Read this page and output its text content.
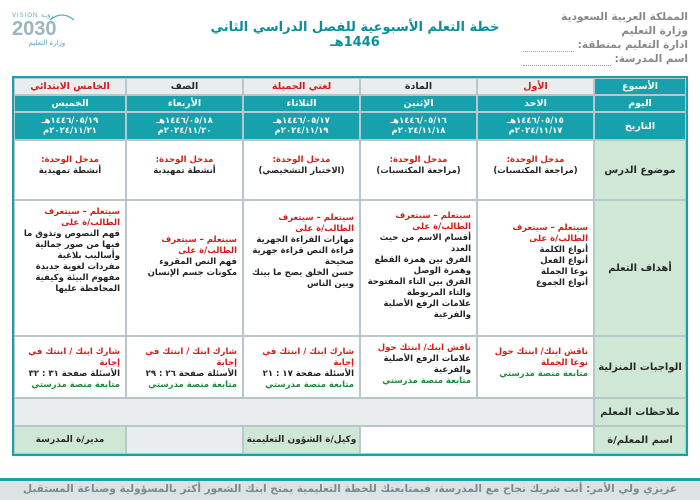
المملكة العربية السعودية
وزارة التعليم
ادارة التعليم بمنطقة:
اسم المدرسة:
خطة التعلم الأسبوعية للفصل الدراسي الثاني 1446هـ
VISION رؤيـة
2030
وزارة التعليم
الأسبوع
الأول
المادة
لغتي الجميلة
الصف
الخامس الابتدائي
اليوم
الاحد
الإثنين
الثلاثاء
الأربعاء
الخميس
التاريخ
١٤٤٦/٠٥/١٥هـ
٢٠٢٤/١١/١٧م
١٤٤٦/٠٥/١٦هـ
٢٠٢٤/١١/١٨م
١٤٤٦/٠٥/١٧هـ
٢٠٢٤/١١/١٩م
١٤٤٦/٠٥/١٨هـ
٢٠٢٤/١١/٢٠م
١٤٤٦/٠٥/١٩هـ
٢٠٢٤/١١/٢١م
موضوع الدرس
مدخل الوحدة:
(مراجعة المكتسبات)
مدخل الوحدة:
(مراجعة المكتسبات)
مدخل الوحدة:
(الاختبار التشخيصي)
مدخل الوحدة:
أنشطة تمهيدية
مدخل الوحدة:
أنشطة تمهيدية
أهداف التعلم
سيتعلم – سيتعرف الطالب/ة على
أنواع الكلمة
أنواع الفعل
نوعا الجملة
أنواع الجموع
سيتعلم – سيتعرف الطالب/ة على
أقسام الاسم من حيث العدد
الفرق بين همزة القطع وهمزة الوصل
الفرق بين التاء المفتوحة والتاء المربوطة
علامات الرفع الأصلية والفرعية
سيتعلم – سيتعرف الطالب/ة على
مهارات القراءة الجهرية
قراءة النص قراءة جهرية صحيحة
حسن الخلق يصح ما بينك وبين الناس
سيتعلم – سيتعرف الطالب/ة على
فهم النص المقروء
مكونات جسم الإنسان
سيتعلم – سيتعرف الطالب/ة على
فهم النصوص وتذوق ما فيها من صور جمالية وأساليب بلاغية
مفردات لغوية جديدة
مفهوم البيئة وكيفية المحافظة عليها
الواجبات المنزلية
ناقش ابنك/ ابنتك حول نوعا الجملة
متابعة منصة مدرستي
ناقش ابنك/ ابنتك حول
علامات الرفع الأصلية والفرعية
متابعة منصة مدرستي
شارك ابنك / ابنتك في إجابة
الأسئلة صفحة ١٧ : ٢١
متابعة منصة مدرستي
شارك ابنك / ابنتك في إجابة
الأسئلة صفحة ٢٦ : ٢٩
متابعة منصة مدرستي
شارك ابنك / ابنتك في إجابة
الأسئلة صفحة ٣١ : ٣٢
متابعة منصة مدرستي
ملاحظات المعلم
اسم المعلم/ة
وكيل/ة الشؤون التعليمية
مدير/ة المدرسة
عزيزي ولي الأمر: أنت شريك نجاح مع المدرسة، فبمتابعتك للخطة التعليمية يمنح ابنك الشعور أكثر بالمسؤولية وصناعة المستقبل
